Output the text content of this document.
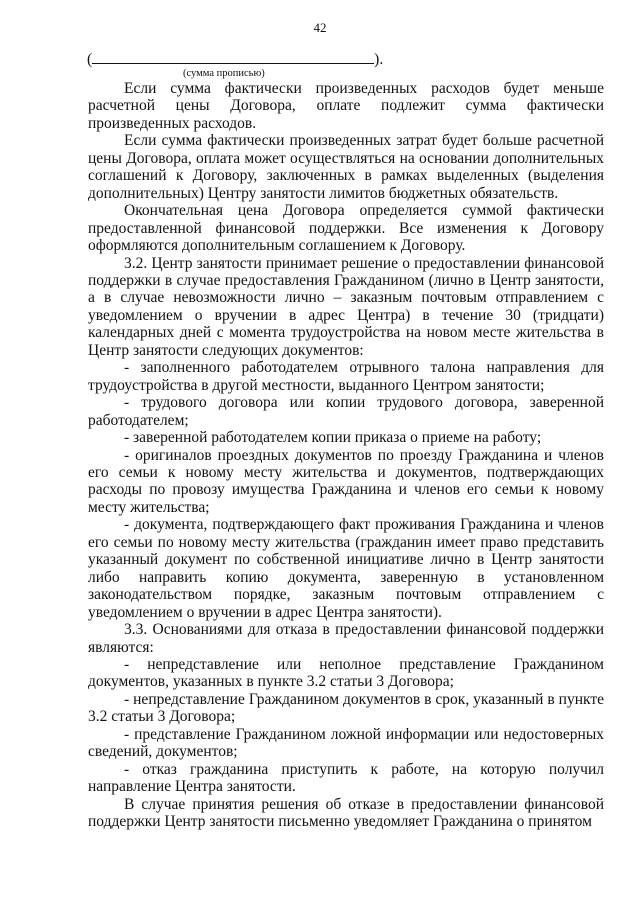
42
(	).
(сумма прописью)

Если сумма фактически произведенных расходов будет меньше расчетной цены Договора, оплате подлежит сумма фактически произведенных расходов.

Если сумма фактически произведенных затрат будет больше расчетной цены Договора, оплата может осуществляться на основании дополнительных соглашений к Договору, заключенных в рамках выделенных (выделения дополнительных) Центру занятости лимитов бюджетных обязательств.

Окончательная цена Договора определяется суммой фактически предоставленной финансовой поддержки. Все изменения к Договору оформляются дополнительным соглашением к Договору.

3.2. Центр занятости принимает решение о предоставлении финансовой поддержки в случае предоставления Гражданином (лично в Центр занятости, а в случае невозможности лично – заказным почтовым отправлением с уведомлением о вручении в адрес Центра) в течение 30 (тридцати) календарных дней с момента трудоустройства на новом месте жительства в Центр занятости следующих документов:

- заполненного работодателем отрывного талона направления для трудоустройства в другой местности, выданного Центром занятости;

- трудового договора или копии трудового договора, заверенной работодателем;

- заверенной работодателем копии приказа о приеме на работу;

- оригиналов проездных документов по проезду Гражданина и членов его семьи к новому месту жительства и документов, подтверждающих расходы по провозу имущества Гражданина и членов его семьи к новому месту жительства;

- документа, подтверждающего факт проживания Гражданина и членов его семьи по новому месту жительства (гражданин имеет право представить указанный документ по собственной инициативе лично в Центр занятости либо направить копию документа, заверенную в установленном законодательством порядке, заказным почтовым отправлением с уведомлением о вручении в адрес Центра занятости).

3.3. Основаниями для отказа в предоставлении финансовой поддержки являются:

- непредставление или неполное представление Гражданином документов, указанных в пункте 3.2 статьи 3 Договора;

- непредставление Гражданином документов в срок, указанный в пункте 3.2 статьи 3 Договора;

- представление Гражданином ложной информации или недостоверных сведений, документов;

- отказ гражданина приступить к работе, на которую получил направление Центра занятости.

В случае принятия решения об отказе в предоставлении финансовой поддержки Центр занятости письменно уведомляет Гражданина о принятом
